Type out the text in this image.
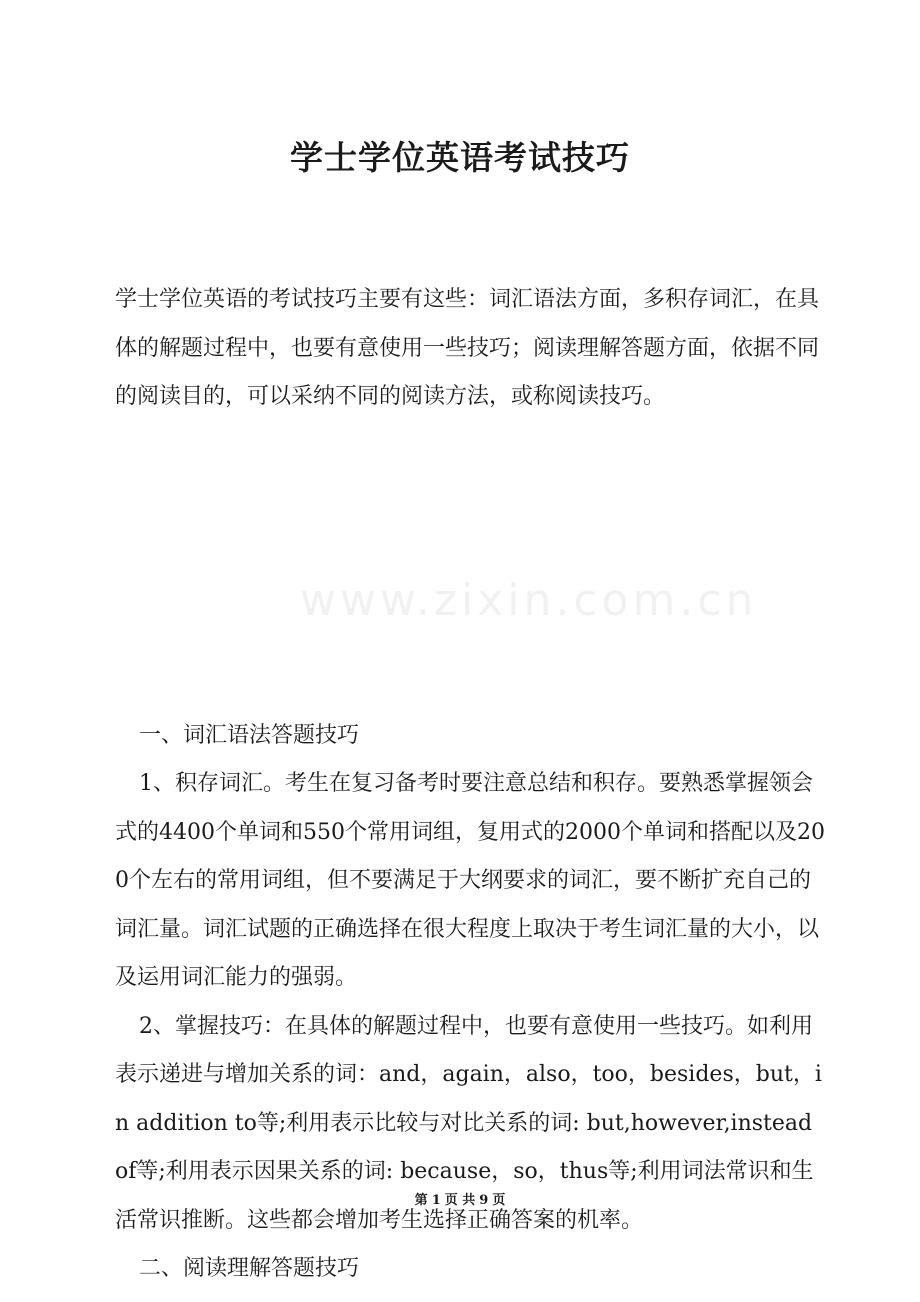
www.zixin.com.cn
学士学位英语考试技巧

学士学位英语的考试技巧主要有这些：词汇语法方面，多积存词汇，在具体的解题过程中，也要有意使用一些技巧；阅读理解答题方面，依据不同的阅读目的，可以采纳不同的阅读方法，或称阅读技巧。

一、词汇语法答题技巧

1、积存词汇。考生在复习备考时要注意总结和积存。要熟悉掌握领会式的4400个单词和550个常用词组，复用式的2000个单词和搭配以及200个左右的常用词组，但不要满足于大纲要求的词汇，要不断扩充自己的词汇量。词汇试题的正确选择在很大程度上取决于考生词汇量的大小，以及运用词汇能力的强弱。

2、掌握技巧：在具体的解题过程中，也要有意使用一些技巧。如利用表示递进与增加关系的词：and，again，also，too，besides，but，in addition to等;利用表示比较与对比关系的词: but,however,instead of等;利用表示因果关系的词: because，so，thus等;利用词法常识和生活常识推断。这些都会增加考生选择正确答案的机率。

二、阅读理解答题技巧

第 1 页 共 9 页
